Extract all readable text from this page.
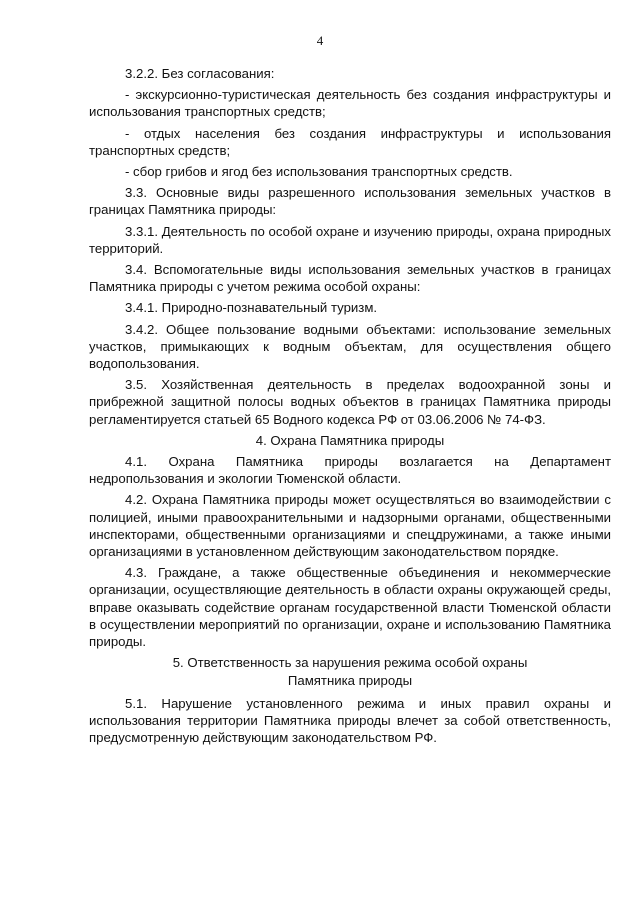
4

3.2.2. Без согласования:

- экскурсионно-туристическая деятельность без создания инфраструктуры и использования транспортных средств;

- отдых населения без создания инфраструктуры и использования транспортных средств;

- сбор грибов и ягод без использования транспортных средств.

3.3. Основные виды разрешенного использования земельных участков в границах Памятника природы:

3.3.1. Деятельность по особой охране и изучению природы, охрана природных территорий.

3.4. Вспомогательные виды использования земельных участков в границах Памятника природы с учетом режима особой охраны:

3.4.1. Природно-познавательный туризм.

3.4.2. Общее пользование водными объектами: использование земельных участков, примыкающих к водным объектам, для осуществления общего водопользования.

3.5. Хозяйственная деятельность в пределах водоохранной зоны и прибрежной защитной полосы водных объектов в границах Памятника природы регламентируется статьей 65 Водного кодекса РФ от 03.06.2006 № 74-ФЗ.

4. Охрана Памятника природы

4.1. Охрана Памятника природы возлагается на Департамент недропользования и экологии Тюменской области.

4.2. Охрана Памятника природы может осуществляться во взаимодействии с полицией, иными правоохранительными и надзорными органами, общественными инспекторами, общественными организациями и спецдружинами, а также иными организациями в установленном действующим законодательством порядке.

4.3. Граждане, а также общественные объединения и некоммерческие организации, осуществляющие деятельность в области охраны окружающей среды, вправе оказывать содействие органам государственной власти Тюменской области в осуществлении мероприятий по организации, охране и использованию Памятника природы.

5. Ответственность за нарушения режима особой охраны
Памятника природы

5.1. Нарушение установленного режима и иных правил охраны и использования территории Памятника природы влечет за собой ответственность, предусмотренную действующим законодательством РФ.
